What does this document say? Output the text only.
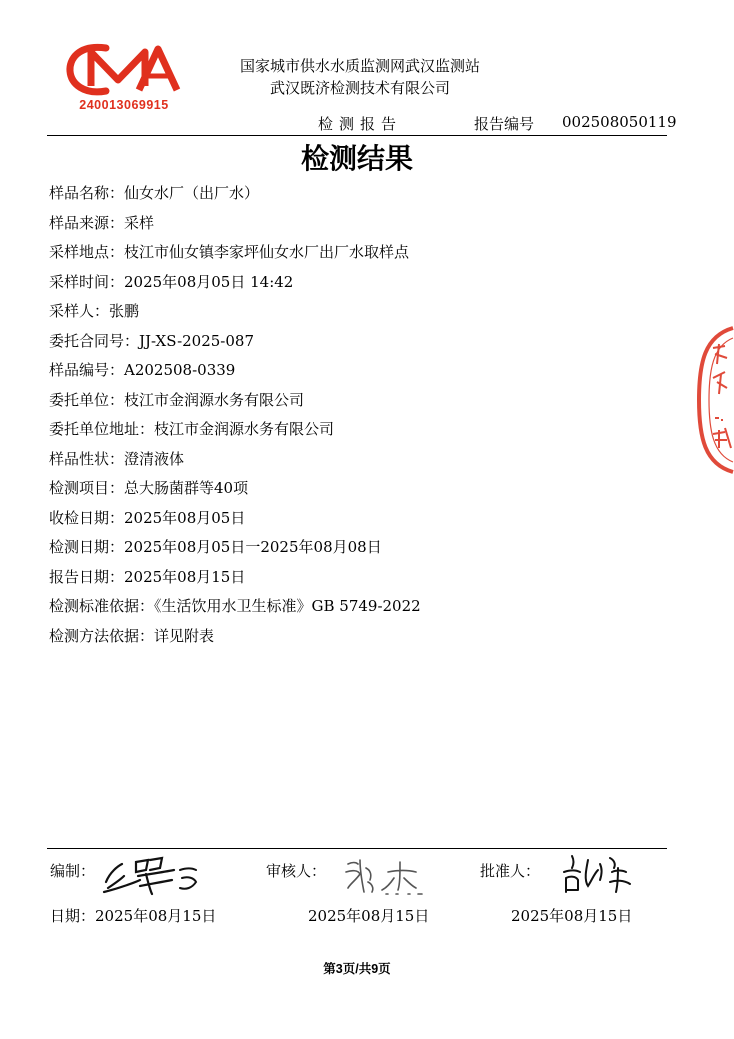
CMA
240013069915
国家城市供水水质监测网武汉监测站
武汉既济检测技术有限公司
检测报告	报告编号 002508050119
检测结果
样品名称：仙女水厂（出厂水）
样品来源：采样
采样地点：枝江市仙女镇李家坪仙女水厂出厂水取样点
采样时间：2025年08月05日 14:42
采样人：张鹏
委托合同号：JJ-XS-2025-087
样品编号：A202508-0339
委托单位：枝江市金润源水务有限公司
委托单位地址：枝江市金润源水务有限公司
样品性状：澄清液体
检测项目：总大肠菌群等40项
收检日期：2025年08月05日
检测日期：2025年08月05日一2025年08月08日
报告日期：2025年08月15日
检测标准依据：《生活饮用水卫生标准》GB 5749-2022
检测方法依据：详见附表
编制：	审核人：	批准人：
日期：2025年08月15日	2025年08月15日	2025年08月15日
第3页/共9页
